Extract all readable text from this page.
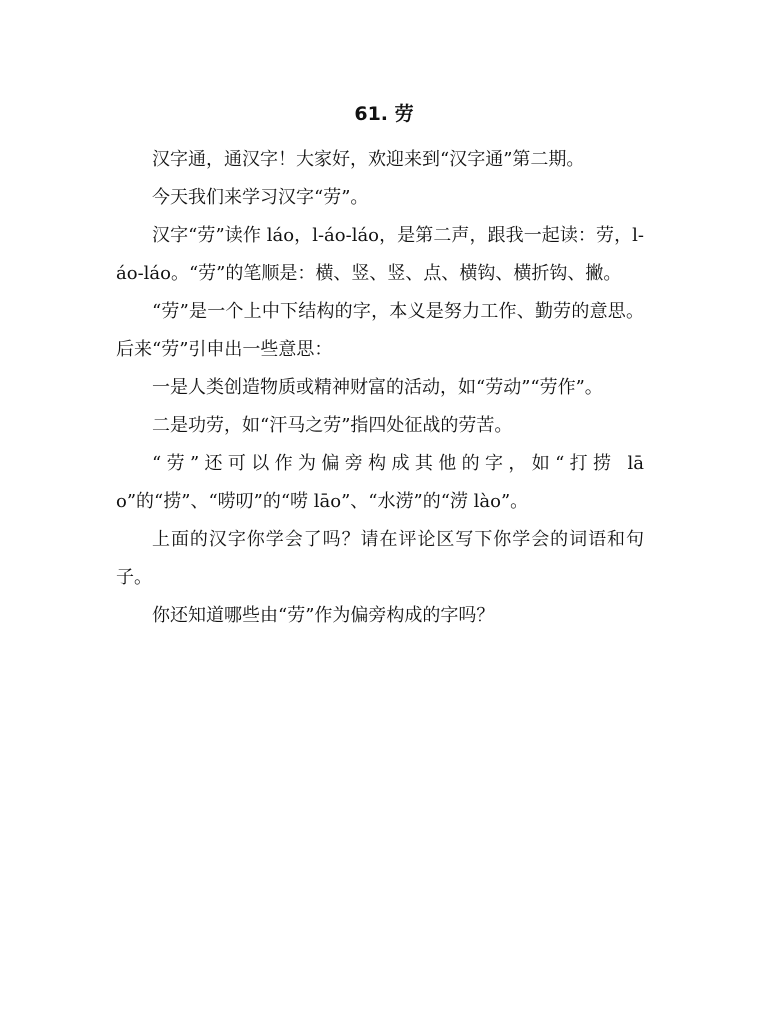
61. 劳

汉字通，通汉字！大家好，欢迎来到“汉字通”第二期。

今天我们来学习汉字“劳”。

汉字“劳”读作 láo，l-áo-láo，是第二声，跟我一起读：劳，l-áo-láo。“劳”的笔顺是：横、竖、竖、点、横钩、横折钩、撇。

“劳”是一个上中下结构的字，本义是努力工作、勤劳的意思。后来“劳”引申出一些意思：

一是人类创造物质或精神财富的活动，如“劳动”“劳作”。

二是功劳，如“汗马之劳”指四处征战的劳苦。

“劳”还可以作为偏旁构成其他的字，如“打捞 lāo”的“捞”、“唠叨”的“唠 lāo”、“水涝”的“涝 lào”。

上面的汉字你学会了吗？请在评论区写下你学会的词语和句子。

你还知道哪些由“劳”作为偏旁构成的字吗？
